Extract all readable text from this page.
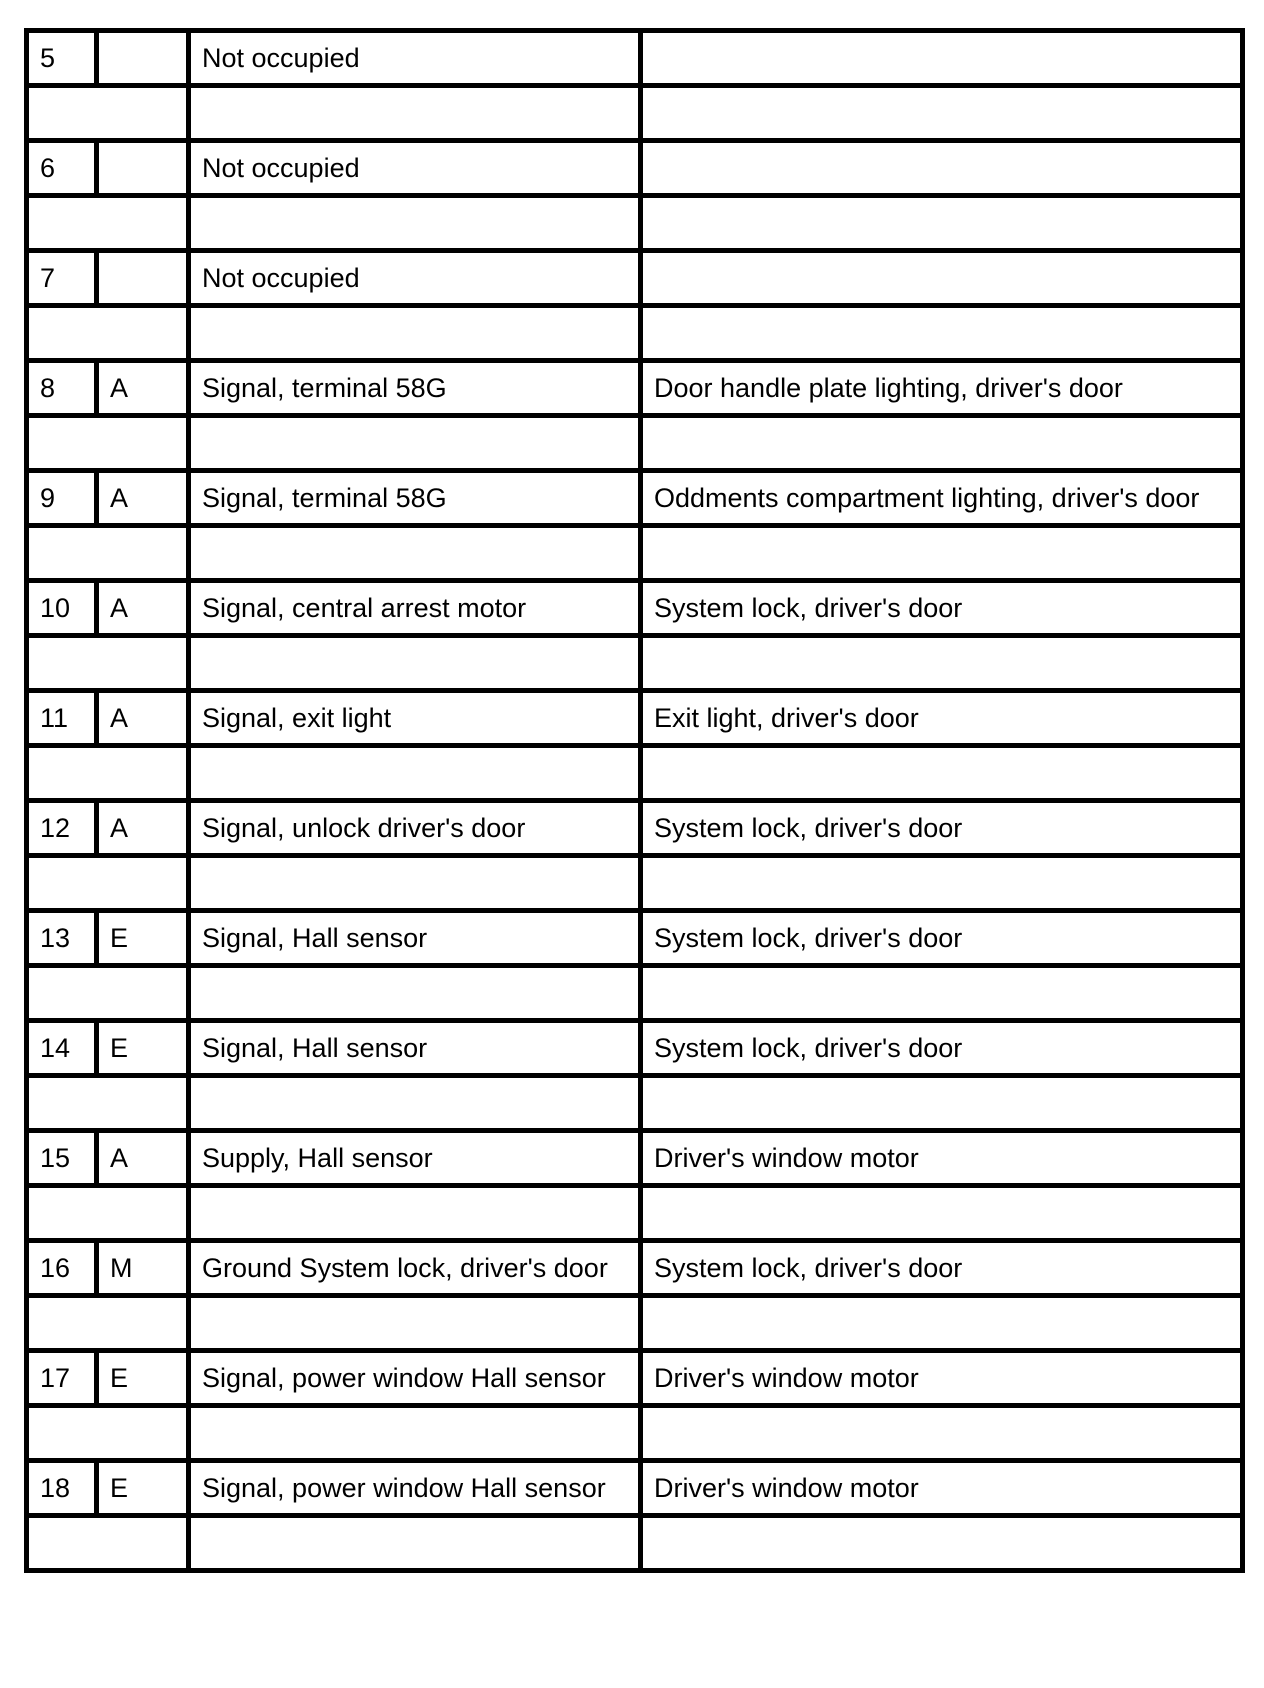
5		Not occupied	

6		Not occupied	

7		Not occupied	

8	A	Signal, terminal 58G	Door handle plate lighting, driver's door

9	A	Signal, terminal 58G	Oddments compartment lighting, driver's door

10	A	Signal, central arrest motor	System lock, driver's door

11	A	Signal, exit light	Exit light, driver's door

12	A	Signal, unlock driver's door	System lock, driver's door

13	E	Signal, Hall sensor	System lock, driver's door

14	E	Signal, Hall sensor	System lock, driver's door

15	A	Supply, Hall sensor	Driver's window motor

16	M	Ground System lock, driver's door	System lock, driver's door

17	E	Signal, power window Hall sensor	Driver's window motor

18	E	Signal, power window Hall sensor	Driver's window motor
